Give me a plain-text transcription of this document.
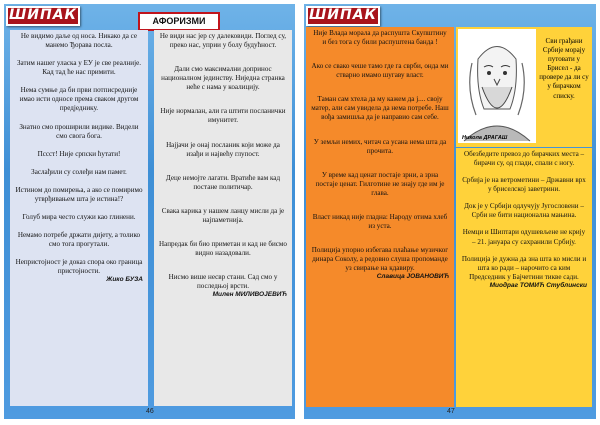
ШИПАК	АФОРИЗМИ

Не видимо даље од носа. Никако да се манемо Ђорава посла.

Затим нашег уласка у ЕУ је све реалније. Кад тад ће нас примити.

Нема сумње да би први потписредније имао исти односе према свакoм другом предједнику.

Знатно смо проширили видике. Видели смо свога бога.

Пссст! Није српски ћутати!

Заслађили су солеђи нам памет.

Истином до помирења, а ако се помиримо утврђивањем шта је истина!?

Голуб мира често служи као глинени.

Немамо потребе држати дијету, а толико смо тога прогутали.

Непристојност је доказ спора око граница пристојности.

Жико БУЗА

Не види нас јер су далековиди. Поглед су, преко нас, уприи у болу будућност.

Дали смо максимални допринос националном јединству. Ниједна странка нећe с нама у коалицију.

Није нормалан, али га штити посланички имунитет.

Најјачи је онај пoслaник који може да изађи и највећу глупост.

Деце немојте лагати. Вратиће вам кад постане политичар.

Свака карика у нашем ланцу мисли да је најпаметнија.

Напредак би био приметан и кад не бисмо видно назадовали.

Нисмо више несвр стани. Сад смо у последњој врсти.

Милен МИЛИВОЈЕВИЋ

46
ШИПАК

Није Влада морала да распушта Скупштину и без тога су били распуштена банда !

Ако се свако чешe тамо где га сврби, онда ми стварно имамо шугаву власт.

Таман сам хтела да му кажем да ј.... своју матер, али сам увидела да нема потребе. Наш вођа замишља да је направио сам себе.

У земљи немих, читач са усана нема шта да прочита.

У време кад ценат постаје зрни, а зрна постаје ценат. Гилготине не знају где им је глава.

Власт никад није гладна: Народу отима хлеб из уста.

Полиција упорно избегава плаћање музичког динара Соколу, а редовно слуша пропоманде уз свирање на кдавиру.

Славица ЈОВАНОВИЋ

Никола ДРАГАШ
Сви грађани Србије морају путовати у Брисел - да провере да ли су у бирачком списку.

Обезбедите превоз до бирачких места – бирачи су, од глади, спали с ногу.

Србија је на ветрометини – Државни врх у бриселској заветрини.

Док је у Србији одлучују Југословени – Срби не бити национална мањина.

Немци и Шиптари одушевљене не крију – 21. јануара су сахранили Србију.

Полиција је дужна да зна шта ко мисли и шта ко ради – нарочито са ким Председник у Бајчетини тикве сади.

Миодраг ТОМИЋ Стублински

47
